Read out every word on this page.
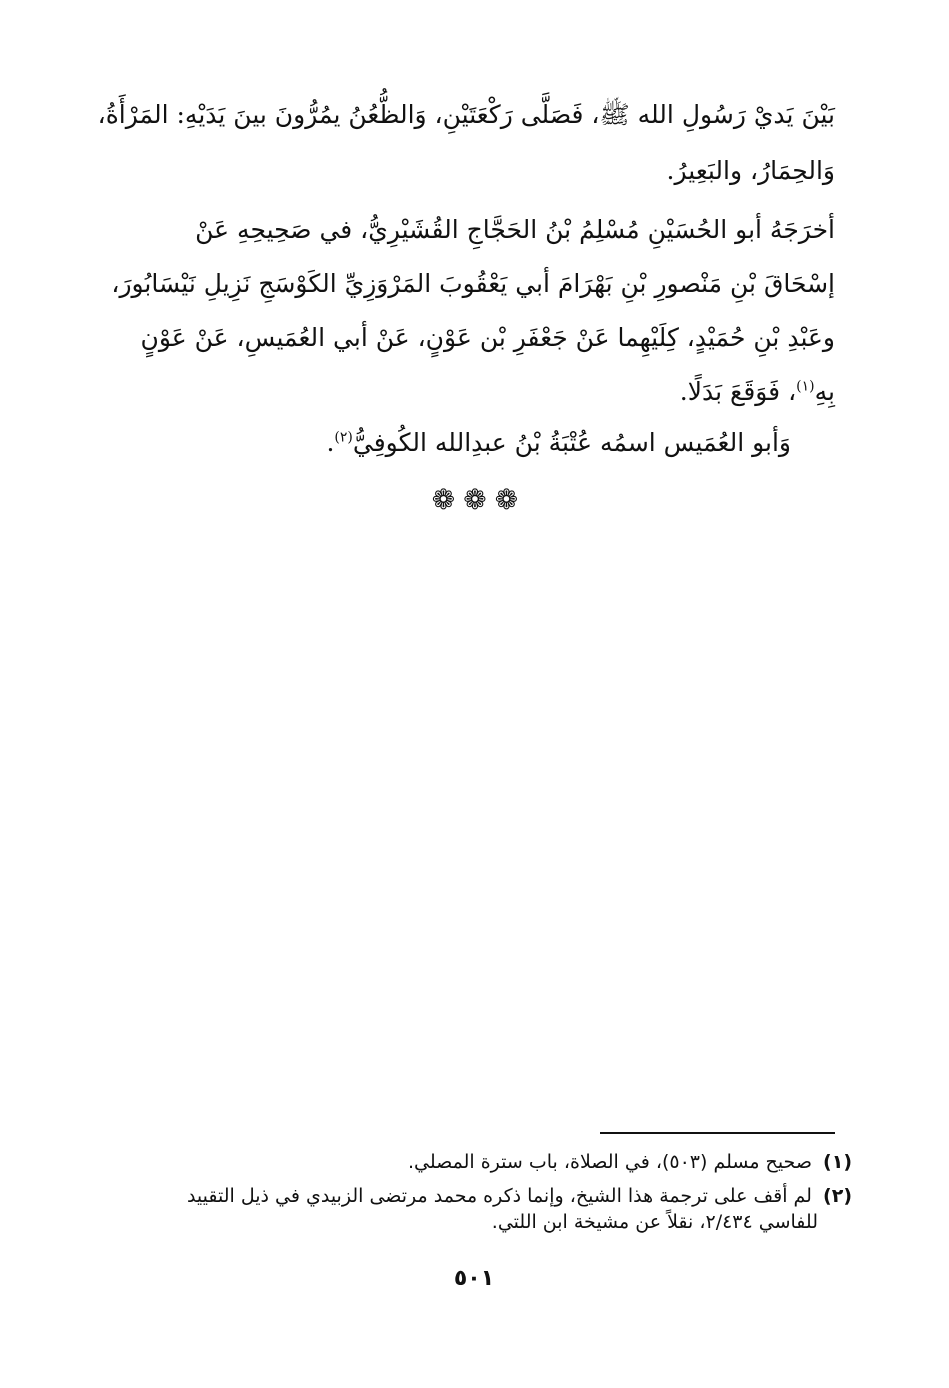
بَيْنَ يَديْ رَسُولِ الله ﷺ، فَصَلَّى رَكْعَتَيْنِ، وَالظُّعُنُ يمُرُّونَ بينَ يَدَيْهِ: المَرْأَةُ،
وَالحِمَارُ، والبَعِيرُ.
أخرَجَهُ أبو الحُسَيْنِ مُسْلِمُ بْنُ الحَجَّاجِ القُشَيْرِيُّ، في صَحِيحِهِ عَنْ
إسْحَاقَ بْنِ مَنْصورِ بْنِ بَهْرَامَ أبي يَعْقُوبَ المَرْوَزِيِّ الكَوْسَجِ نَزِيلِ نَيْسَابُورَ،
وعَبْدِ بْنِ حُمَيْدٍ، كِلَيْهِما عَنْ جَعْفَرِ بْن عَوْنٍ، عَنْ أبي العُمَيسِ، عَنْ عَوْنٍ
بِهِ$^{(١)}$، فَوَقَعَ بَدَلًا.
وَأبو العُمَيس اسمُه عُتْبَةُ بْنُ عبدِالله الكُوفِيُّ$^{(٢)}$.
❁❁❁
(١) صحيح مسلم (٥٠٣)، في الصلاة، باب سترة المصلي.
(٢) لم أقف على ترجمة هذا الشيخ، وإنما ذكره محمد مرتضى الزبيدي في ذيل التقييد
للفاسي ٢/٤٣٤، نقلاً عن مشيخة ابن اللتي.
٥٠١
